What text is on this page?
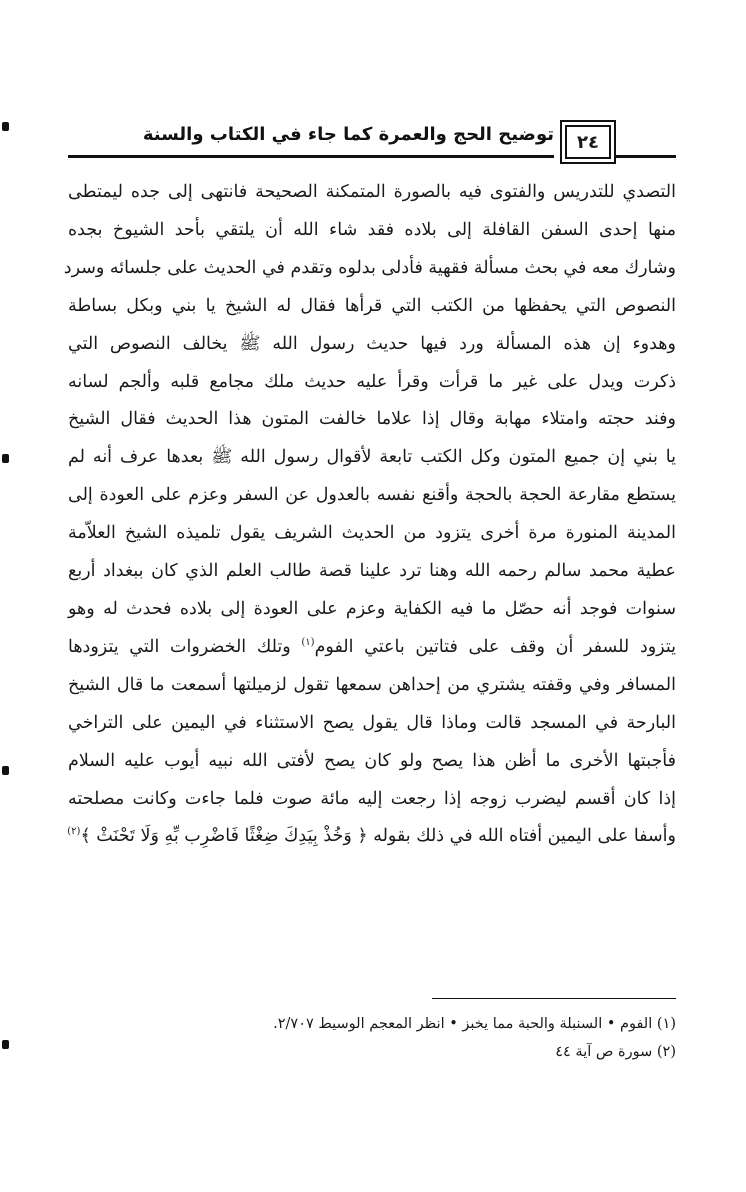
توضيح الحج والعمرة كما جاء في الكتاب والسنة	٢٤
التصدي للتدريس والفتوى فيه بالصورة المتمكنة الصحيحة فانتهى إلى جده ليمتطى
منها إحدى السفن القافلة إلى بلاده فقد شاء الله أن يلتقي بأحد الشيوخ بجده
وشارك معه في بحث مسألة فقهية فأدلى بدلوه وتقدم في الحديث على جلسائه وسرد
النصوص التي يحفظها من الكتب التي قرأها فقال له الشيخ يا بني وبكل بساطة
وهدوء إن هذه المسألة ورد فيها حديث رسول الله ﷺ يخالف النصوص التي
ذكرت ويدل على غير ما قرأت وقرأ عليه حديث ملك مجامع قلبه وألجم لسانه
وفند حجته وامتلاء مهابة وقال إذا علاما خالفت المتون هذا الحديث فقال الشيخ
يا بني إن جميع المتون وكل الكتب تابعة لأقوال رسول الله ﷺ بعدها عرف أنه لم
يستطع مقارعة الحجة بالحجة وأقنع نفسه بالعدول عن السفر وعزم على العودة إلى
المدينة المنورة مرة أخرى يتزود من الحديث الشريف يقول تلميذه الشيخ العلاّمة
عطية محمد سالم رحمه الله وهنا ترد علينا قصة طالب العلم الذي كان ببغداد أربع
سنوات فوجد أنه حصّل ما فيه الكفاية وعزم على العودة إلى بلاده فحدث له وهو
يتزود للسفر أن وقف على فتاتين باعتي الفوم$^{(١)}$ وتلك الخضروات التي يتزودها
المسافر وفي وقفته يشتري من إحداهن سمعها تقول لزميلتها أسمعت ما قال الشيخ
البارحة في المسجد قالت وماذا قال يقول يصح الاستثناء في اليمين على التراخي
فأجبتها الأخرى ما أظن هذا يصح ولو كان يصح لأفتى الله نبيه أيوب عليه السلام
إذا كان أقسم ليضرب زوجه إذا رجعت إليه مائة صوت فلما جاءت وكانت مصلحته
وأسفا على اليمين أفتاه الله في ذلك بقوله ﴿ وَخُذْ بِيَدِكَ ضِغْثًا فَاضْرِب بِّهِ وَلَا تَحْنَثْ ﴾$^{(٢)}$
(١) الفوم • السنبلة والحبة مما يخبز • انظر المعجم الوسيط ٢/٧٠٧.
(٢) سورة ص آية ٤٤
